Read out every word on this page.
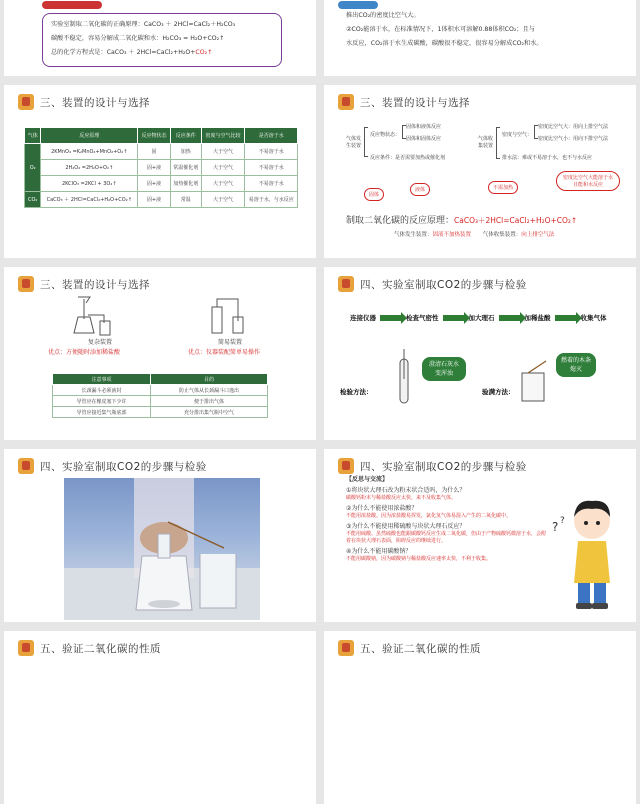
实验室制取二氧化碳的正确原理：CaCO₃ ＋ 2HCl=CaCl₂＋H₂CO₃
碳酸不稳定，容易分解成二氧化碳和水：H₂CO₃ = H₂O+CO₂↑
总的化学方程式是：CaCO₃ ＋ 2HCl=CaCl₂+H₂O+CO₂↑
推出CO₂的密度比空气大。
②CO₂能溶于水，在标准情况下，1体积水可溶解0.88体积CO₂；且与
水反应，CO₂溶于水生成碳酸，碳酸很不稳定，很容易分解成CO₂和水。
三、装置的设计与选择
气体	反应原理	反应物状态	反应条件	密度与空气比较	是否溶于水
O₂	2KMnO₄ =K₂MnO₄+MnO₂+O₂↑	固	加热	大于空气	不易溶于水
	2H₂O₂ =2H₂O+O₂↑	固+液	常温催化剂	大于空气	不易溶于水
	2KClO₃ =2KCl + 3O₂↑	固+液	加热催化剂	大于空气	不易溶于水
CO₂	CaCO₃ ＋ 2HCl=CaCl₂+H₂O+CO₂↑	固+液	常温	大于空气	易溶于水，与水反应
三、装置的设计与选择
气体发生装置
反应物状态：
固体和液体反应
固体和固体反应
反应条件：是否需要加热或催化剂
气体收集装置
密度与空气：
密度比空气大：用向上排空气法
密度比空气小：用向下排空气法
排水法：难或不易溶于水，也不与水反应
固体
液体	不需加热
密度比空气大能溶于水且能和水反应
制取二氧化碳的反应原理：CaCO₃＋2HCl=CaCl₂+H₂O+CO₂↑
气体发生装置：固液不加热装置 气体收集装置：向上排空气法
三、装置的设计与选择
复杂装置
优点：方便随时添加稀盐酸
简易装置
优点：仪器装配简单易操作
注意事项	目的
长颈漏斗必须液封	防止气体从长颈漏斗口逸出
导管应在橡皮塞下少许	便于排出气体
导管应接近集气瓶底部	充分排出集气瓶中空气
四、实验室制取CO2的步骤与检验
连接仪器	检查气密性	加大理石	加稀盐酸	收集气体
检验方法：
澄清石灰水变浑浊
验满方法：
燃着的木条熄灭
四、实验室制取CO2的步骤与检验	四、实验室制取CO2的步骤与检验
【反思与交流】
①将块状大理石改为粉末状合适吗，为什么？
碳酸钙粉末与稀盐酸反应太快，来不及收集气体。
②为什么不能使用浓盐酸？
不能用浓盐酸。因为浓盐酸易挥发，氯化氢气体易混入产生的二氧化碳中。
③为什么不能使用稀硫酸与块状大理石反应？
不能用硫酸。虽然硫酸也能跟碳酸钙反应生成二氧化碳，但由于产物硫酸钙微溶于水，会附着在块状大理石表面，阻碍反应的继续进行。
④为什么不能用碳酸钠？
不能用碳酸钠，因为碳酸钠与稀盐酸反应速率太快，不利于收集。
? ?
五、验证二氧化碳的性质	五、验证二氧化碳的性质
